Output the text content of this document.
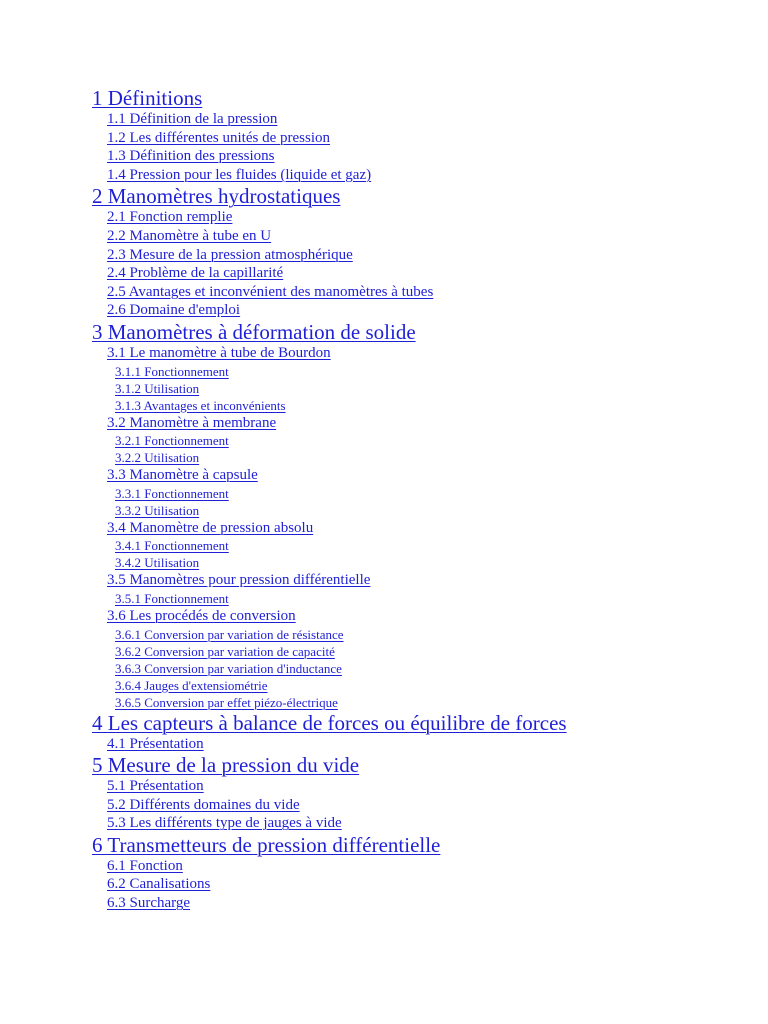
1 Définitions
1.1 Définition de la pression
1.2 Les différentes unités de pression
1.3 Définition des pressions
1.4 Pression pour les fluides (liquide et gaz)
2 Manomètres hydrostatiques
2.1 Fonction remplie
2.2 Manomètre à tube en U
2.3 Mesure de la pression atmosphérique
2.4 Problème de la capillarité
2.5 Avantages et inconvénient des manomètres à tubes
2.6 Domaine d'emploi
3 Manomètres à déformation de solide
3.1 Le manomètre à tube de Bourdon
3.1.1 Fonctionnement
3.1.2 Utilisation
3.1.3 Avantages et inconvénients
3.2 Manomètre à membrane
3.2.1 Fonctionnement
3.2.2 Utilisation
3.3 Manomètre à capsule
3.3.1 Fonctionnement
3.3.2 Utilisation
3.4 Manomètre de pression absolu
3.4.1 Fonctionnement
3.4.2 Utilisation
3.5 Manomètres pour pression différentielle
3.5.1 Fonctionnement
3.6 Les procédés de conversion
3.6.1 Conversion par variation de résistance
3.6.2 Conversion par variation de capacité
3.6.3 Conversion par variation d'inductance
3.6.4 Jauges d'extensiométrie
3.6.5 Conversion par effet piézo-électrique
4 Les capteurs à balance de forces ou équilibre de forces
4.1 Présentation
5 Mesure de la pression du vide
5.1 Présentation
5.2 Différents domaines du vide
5.3 Les différents type de jauges à vide
6 Transmetteurs de pression différentielle
6.1 Fonction
6.2 Canalisations
6.3 Surcharge
